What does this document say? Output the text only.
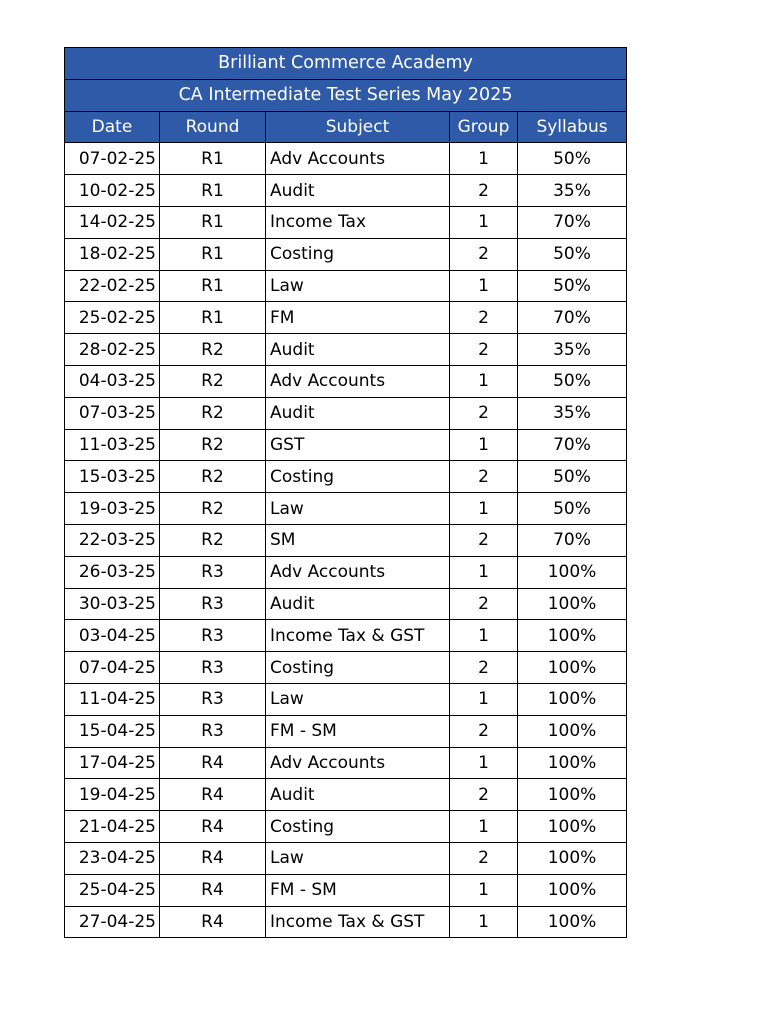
Brilliant Commerce Academy				
CA Intermediate Test Series May 2025				
Date	Round	Subject	Group	Syllabus
07-02-25	R1	Adv Accounts	1	50%
10-02-25	R1	Audit	2	35%
14-02-25	R1	Income Tax	1	70%
18-02-25	R1	Costing	2	50%
22-02-25	R1	Law	1	50%
25-02-25	R1	FM	2	70%
28-02-25	R2	Audit	2	35%
04-03-25	R2	Adv Accounts	1	50%
07-03-25	R2	Audit	2	35%
11-03-25	R2	GST	1	70%
15-03-25	R2	Costing	2	50%
19-03-25	R2	Law	1	50%
22-03-25	R2	SM	2	70%
26-03-25	R3	Adv Accounts	1	100%
30-03-25	R3	Audit	2	100%
03-04-25	R3	Income Tax & GST	1	100%
07-04-25	R3	Costing	2	100%
11-04-25	R3	Law	1	100%
15-04-25	R3	FM - SM	2	100%
17-04-25	R4	Adv Accounts	1	100%
19-04-25	R4	Audit	2	100%
21-04-25	R4	Costing	1	100%
23-04-25	R4	Law	2	100%
25-04-25	R4	FM - SM	1	100%
27-04-25	R4	Income Tax & GST	1	100%
